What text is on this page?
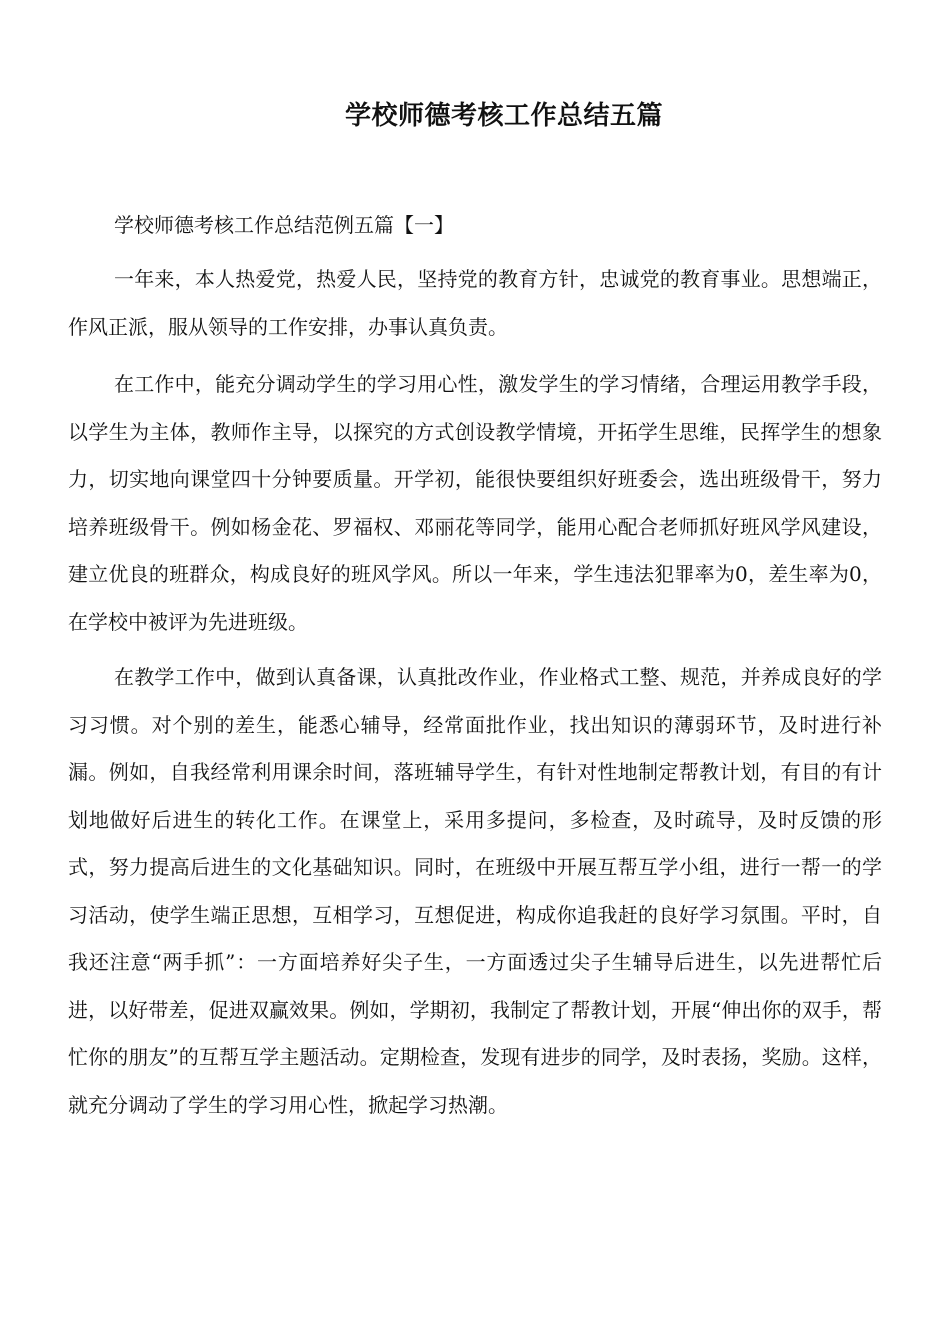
学校师德考核工作总结五篇

学校师德考核工作总结范例五篇【一】

一年来，本人热爱党，热爱人民，坚持党的教育方针，忠诚党的教育事业。思想端正，作风正派，服从领导的工作安排，办事认真负责。

在工作中，能充分调动学生的学习用心性，激发学生的学习情绪，合理运用教学手段，以学生为主体，教师作主导，以探究的方式创设教学情境，开拓学生思维，民挥学生的想象力，切实地向课堂四十分钟要质量。开学初，能很快要组织好班委会，选出班级骨干，努力培养班级骨干。例如杨金花、罗福权、邓丽花等同学，能用心配合老师抓好班风学风建设，建立优良的班群众，构成良好的班风学风。所以一年来，学生违法犯罪率为0，差生率为0，在学校中被评为先进班级。

在教学工作中，做到认真备课，认真批改作业，作业格式工整、规范，并养成良好的学习习惯。对个别的差生，能悉心辅导，经常面批作业，找出知识的薄弱环节，及时进行补漏。例如，自我经常利用课余时间，落班辅导学生，有针对性地制定帮教计划，有目的有计划地做好后进生的转化工作。在课堂上，采用多提问，多检查，及时疏导，及时反馈的形式，努力提高后进生的文化基础知识。同时，在班级中开展互帮互学小组，进行一帮一的学习活动，使学生端正思想，互相学习，互想促进，构成你追我赶的良好学习氛围。平时，自我还注意“两手抓”：一方面培养好尖子生，一方面透过尖子生辅导后进生，以先进帮忙后进，以好带差，促进双赢效果。例如，学期初，我制定了帮教计划，开展“伸出你的双手，帮忙你的朋友”的互帮互学主题活动。定期检查，发现有进步的同学，及时表扬，奖励。这样，就充分调动了学生的学习用心性，掀起学习热潮。
